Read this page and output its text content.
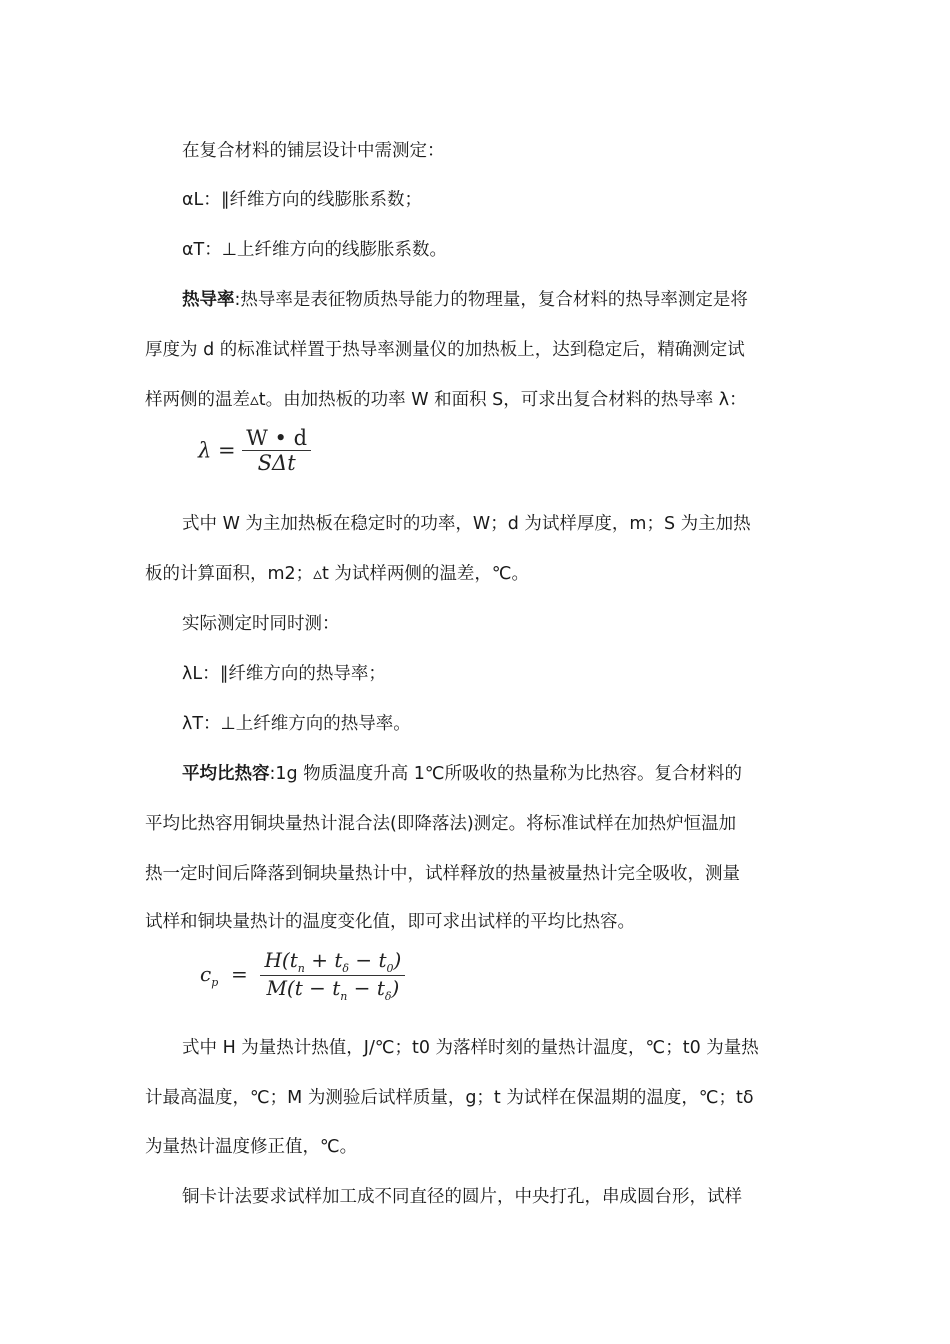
在复合材料的铺层设计中需测定：
αL：∥纤维方向的线膨胀系数；
αT：⊥上纤维方向的线膨胀系数。
热导率:热导率是表征物质热导能力的物理量，复合材料的热导率测定是将
厚度为 d 的标准试样置于热导率测量仪的加热板上，达到稳定后，精确测定试
样两侧的温差▵t。由加热板的功率 W 和面积 S，可求出复合材料的热导率 λ：
$\lambda = \frac{W • d}{\text{SΔt}}$
式中 W 为主加热板在稳定时的功率，W；d 为试样厚度，m；S 为主加热
板的计算面积，m2；▵t 为试样两侧的温差，℃。
实际测定时同时测：
λL：∥纤维方向的热导率；
λT：⊥上纤维方向的热导率。
平均比热容:1g 物质温度升高 1℃所吸收的热量称为比热容。复合材料的
平均比热容用铜块量热计混合法(即降落法)测定。将标准试样在加热炉恒温加
热一定时间后降落到铜块量热计中，试样释放的热量被量热计完全吸收，测量
试样和铜块量热计的温度变化值，即可求出试样的平均比热容。
$c_p = \frac{H(t_n + t_\delta - t_0)}{M(t - t_n - t_\delta)}$
式中 H 为量热计热值，J/℃；t0 为落样时刻的量热计温度，℃；t0 为量热
计最高温度，℃；M 为测验后试样质量，g；t 为试样在保温期的温度，℃；tδ
为量热计温度修正值，℃。
铜卡计法要求试样加工成不同直径的圆片，中央打孔，串成圆台形，试样
